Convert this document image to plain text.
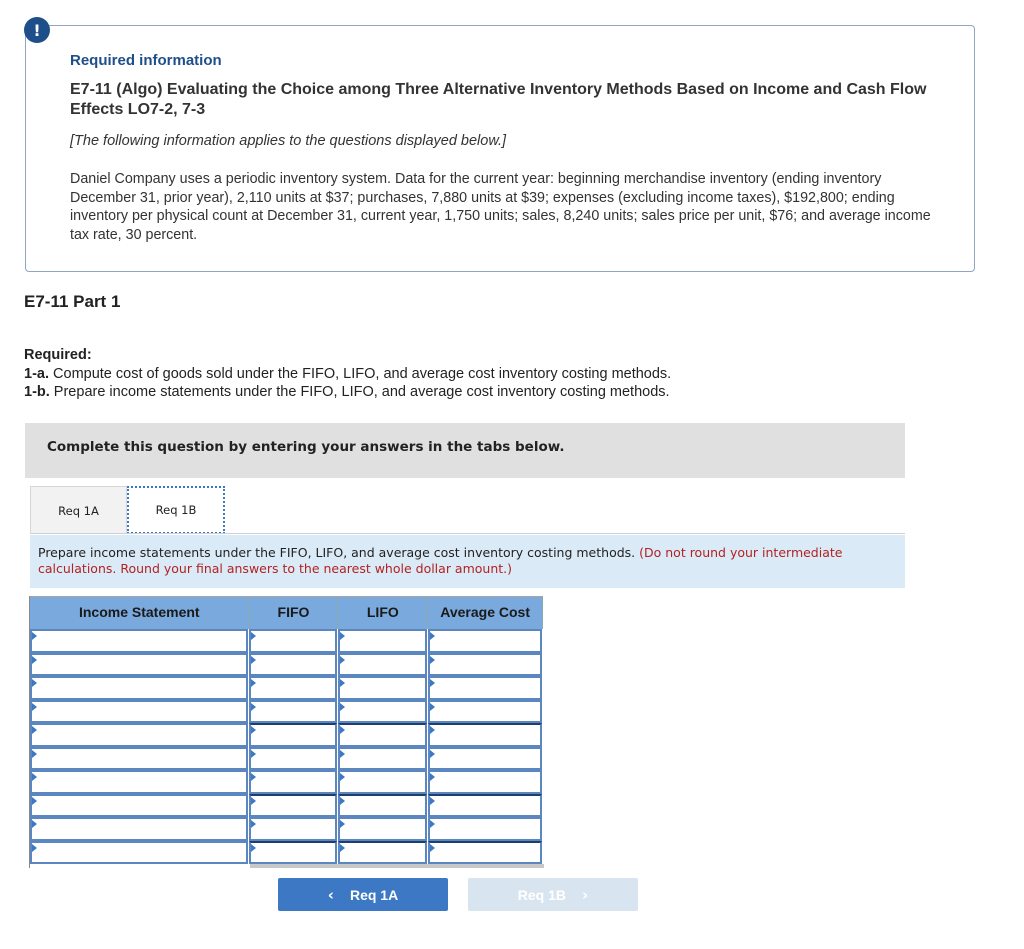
!
Required information
E7-11 (Algo) Evaluating the Choice among Three Alternative Inventory Methods Based on Income and Cash Flow Effects LO7-2, 7-3
[The following information applies to the questions displayed below.]
Daniel Company uses a periodic inventory system. Data for the current year: beginning merchandise inventory (ending inventory December 31, prior year), 2,110 units at $37; purchases, 7,880 units at $39; expenses (excluding income taxes), $192,800; ending inventory per physical count at December 31, current year, 1,750 units; sales, 8,240 units; sales price per unit, $76; and average income tax rate, 30 percent.
E7-11 Part 1
Required:
1-a. Compute cost of goods sold under the FIFO, LIFO, and average cost inventory costing methods.
1-b. Prepare income statements under the FIFO, LIFO, and average cost inventory costing methods.
Complete this question by entering your answers in the tabs below.
Req 1A	Req 1B
Prepare income statements under the FIFO, LIFO, and average cost inventory costing methods. (Do not round your intermediate calculations. Round your final answers to the nearest whole dollar amount.)
Income Statement	FIFO	LIFO	Average Cost
‹ Req 1A	Req 1B ›
